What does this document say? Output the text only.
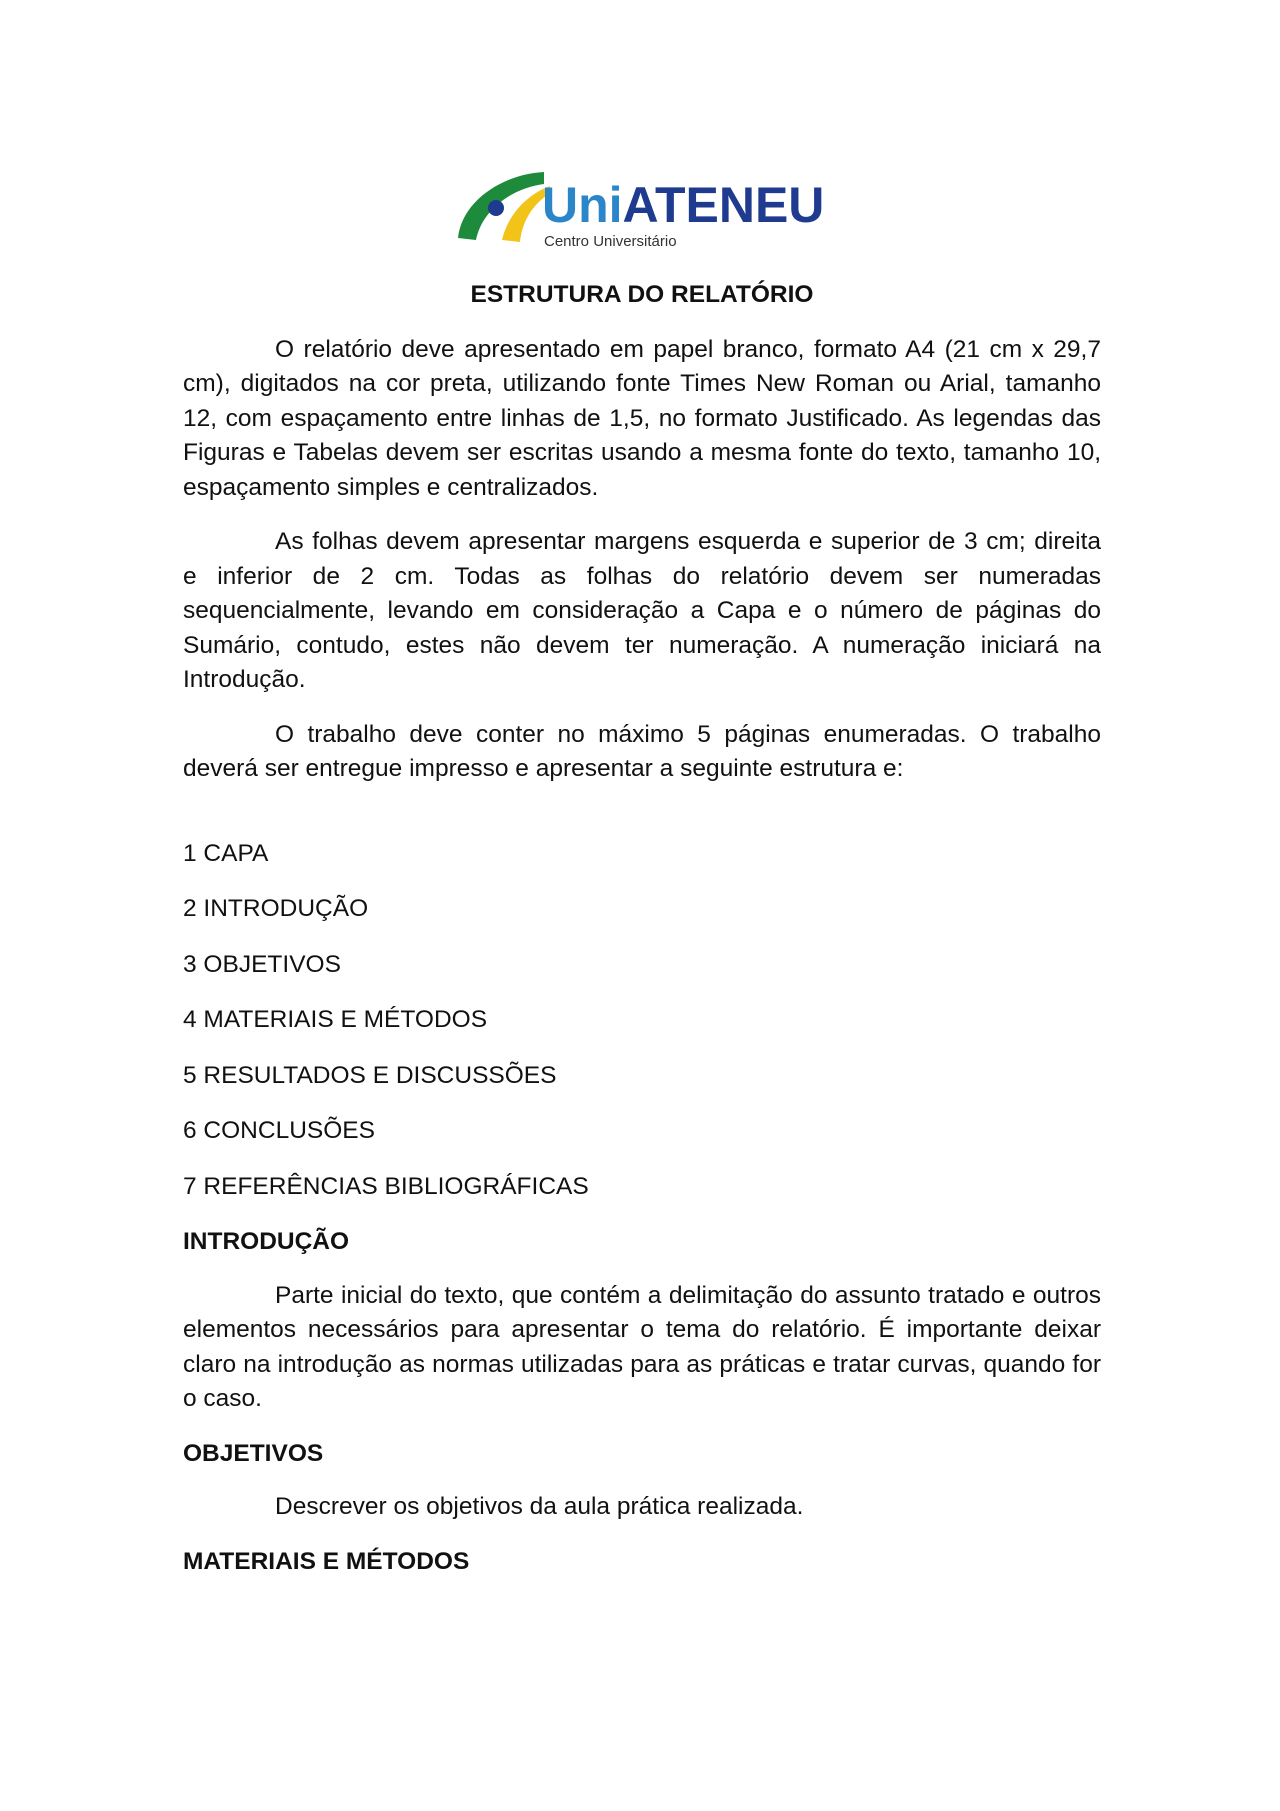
UniATENEU
Centro Universitário
ESTRUTURA DO RELATÓRIO

O relatório deve apresentado em papel branco, formato A4 (21 cm x 29,7 cm), digitados na cor preta, utilizando fonte Times New Roman ou Arial, tamanho 12, com espaçamento entre linhas de 1,5, no formato Justificado. As legendas das Figuras e Tabelas devem ser escritas usando a mesma fonte do texto, tamanho 10, espaçamento simples e centralizados.

As folhas devem apresentar margens esquerda e superior de 3 cm; direita e inferior de 2 cm. Todas as folhas do relatório devem ser numeradas sequencialmente, levando em consideração a Capa e o número de páginas do Sumário, contudo, estes não devem ter numeração. A numeração iniciará na Introdução.

O trabalho deve conter no máximo 5 páginas enumeradas. O trabalho deverá ser entregue impresso e apresentar a seguinte estrutura e:

1 CAPA
2 INTRODUÇÃO
3 OBJETIVOS
4 MATERIAIS E MÉTODOS
5 RESULTADOS E DISCUSSÕES
6 CONCLUSÕES
7 REFERÊNCIAS BIBLIOGRÁFICAS
INTRODUÇÃO

Parte inicial do texto, que contém a delimitação do assunto tratado e outros elementos necessários para apresentar o tema do relatório. É importante deixar claro na introdução as normas utilizadas para as práticas e tratar curvas, quando for o caso.

OBJETIVOS

Descrever os objetivos da aula prática realizada.

MATERIAIS E MÉTODOS
